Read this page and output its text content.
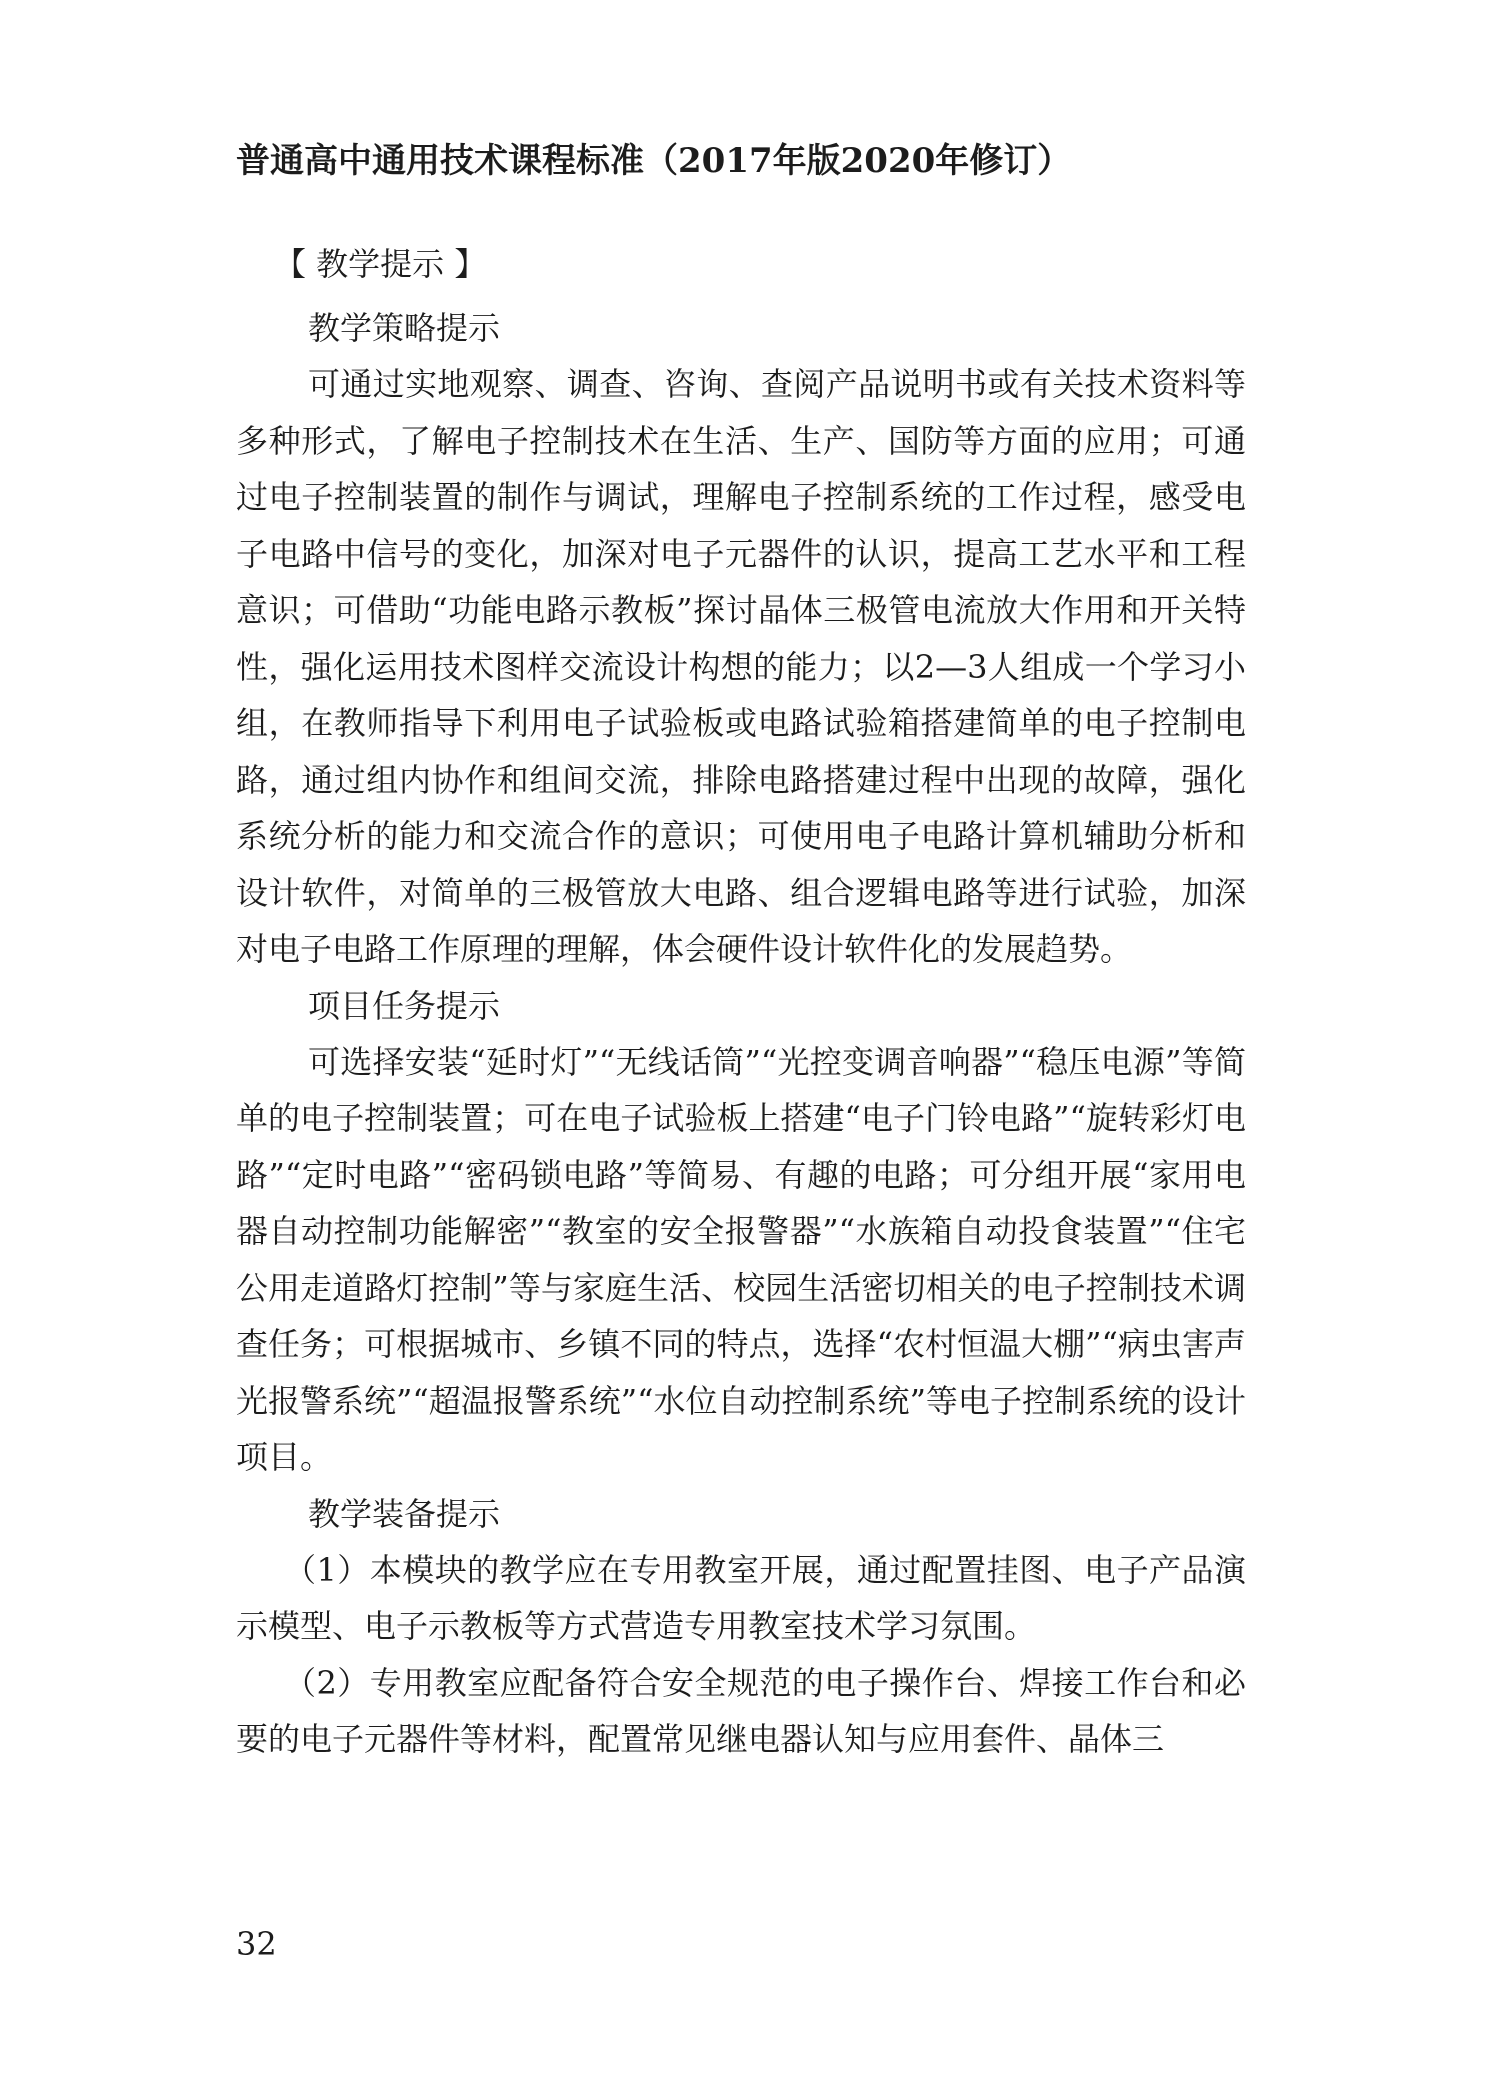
普通高中通用技术课程标准（2017年版2020年修订）
【 教学提示 】
教学策略提示

可通过实地观察、调查、咨询、查阅产品说明书或有关技术资料等多种形式，了解电子控制技术在生活、生产、国防等方面的应用；可通过电子控制装置的制作与调试，理解电子控制系统的工作过程，感受电子电路中信号的变化，加深对电子元器件的认识，提高工艺水平和工程意识；可借助“功能电路示教板”探讨晶体三极管电流放大作用和开关特性，强化运用技术图样交流设计构想的能力；以2—3人组成一个学习小组，在教师指导下利用电子试验板或电路试验箱搭建简单的电子控制电路，通过组内协作和组间交流，排除电路搭建过程中出现的故障，强化系统分析的能力和交流合作的意识；可使用电子电路计算机辅助分析和设计软件，对简单的三极管放大电路、组合逻辑电路等进行试验，加深对电子电路工作原理的理解，体会硬件设计软件化的发展趋势。

项目任务提示

可选择安装“延时灯”“无线话筒”“光控变调音响器”“稳压电源”等简单的电子控制装置；可在电子试验板上搭建“电子门铃电路”“旋转彩灯电路”“定时电路”“密码锁电路”等简易、有趣的电路；可分组开展“家用电器自动控制功能解密”“教室的安全报警器”“水族箱自动投食装置”“住宅公用走道路灯控制”等与家庭生活、校园生活密切相关的电子控制技术调查任务；可根据城市、乡镇不同的特点，选择“农村恒温大棚”“病虫害声光报警系统”“超温报警系统”“水位自动控制系统”等电子控制系统的设计项目。

教学装备提示

（1）本模块的教学应在专用教室开展，通过配置挂图、电子产品演示模型、电子示教板等方式营造专用教室技术学习氛围。

（2）专用教室应配备符合安全规范的电子操作台、焊接工作台和必要的电子元器件等材料，配置常见继电器认知与应用套件、晶体三

32
